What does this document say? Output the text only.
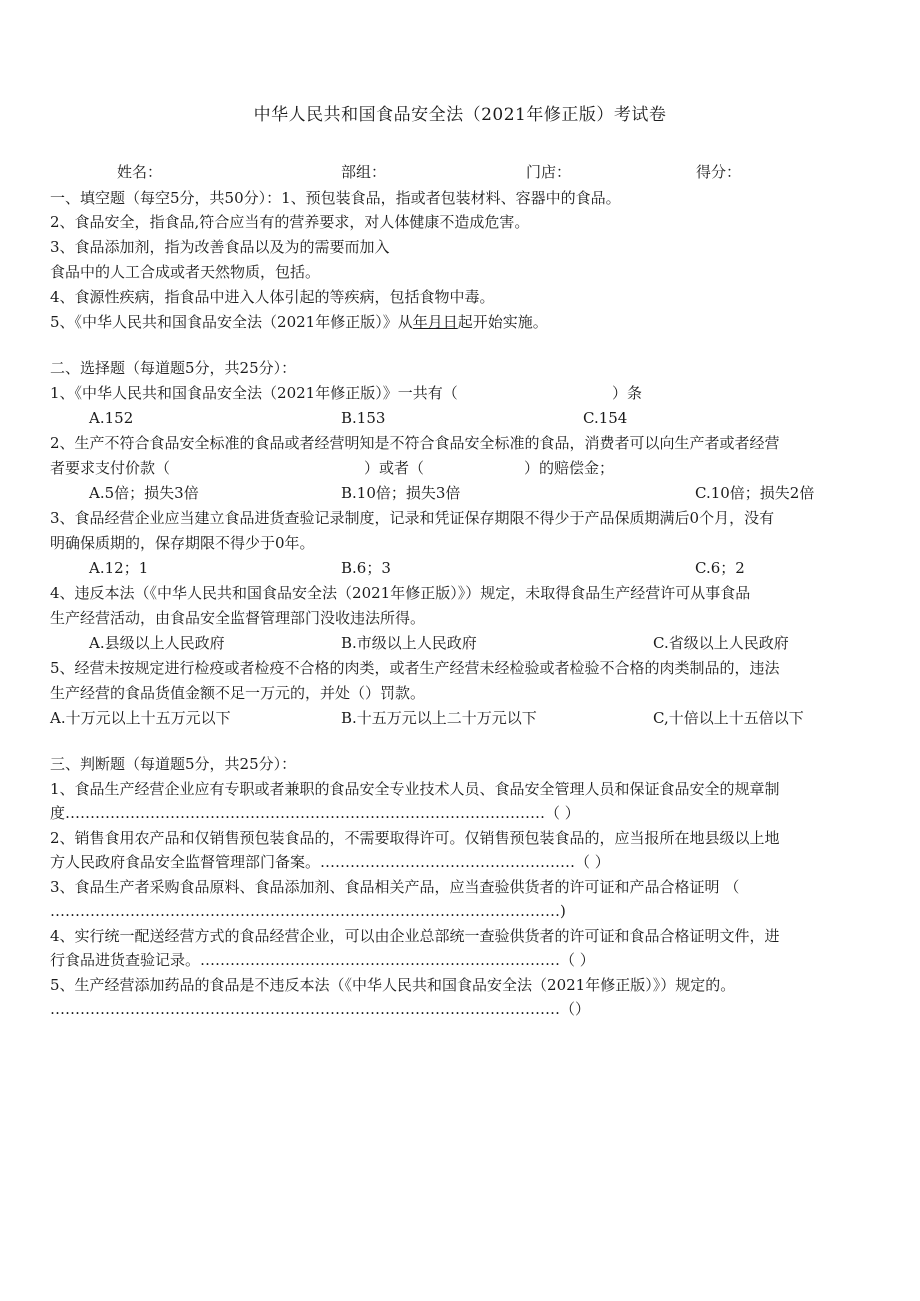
中华人民共和国食品安全法（2021年修正版）考试卷
姓名：	部组：	门店：	得分：
一、填空题（每空5分，共50分）：1、预包装食品，指或者包装材料、容器中的食品。
2、食品安全，指食品,符合应当有的营养要求，对人体健康不造成危害。
3、食品添加剂，指为改善食品以及为的需要而加入
食品中的人工合成或者天然物质，包括。
4、食源性疾病，指食品中进入人体引起的等疾病，包括食物中毒。
5、《中华人民共和国食品安全法（2021年修正版）》从年月日起开始实施。
二、选择题（每道题5分，共25分）：
1、《中华人民共和国食品安全法（2021年修正版）》一共有（	）条
A.152	B.153	C.154
2、生产不符合食品安全标准的食品或者经营明知是不符合食品安全标准的食品，消费者可以向生产者或者经营
者要求支付价款（	）或者（	）的赔偿金；
A.5倍；损失3倍	B.10倍；损失3倍	C.10倍；损失2倍
3、食品经营企业应当建立食品进货查验记录制度，记录和凭证保存期限不得少于产品保质期满后0个月，没有
明确保质期的，保存期限不得少于0年。
A.12；1	B.6；3	C.6；2
4、违反本法（《中华人民共和国食品安全法（2021年修正版）》）规定，未取得食品生产经营许可从事食品
生产经营活动，由食品安全监督管理部门没收违法所得。
A.县级以上人民政府	B.市级以上人民政府	C.省级以上人民政府
5、经营未按规定进行检疫或者检疫不合格的肉类，或者生产经营未经检验或者检验不合格的肉类制品的，违法
生产经营的食品货值金额不足一万元的，并处（）罚款。
A.十万元以上十五万元以下	B.十五万元以上二十万元以下	C,十倍以上十五倍以下
三、判断题（每道题5分，共25分）：
1、食品生产经营企业应有专职或者兼职的食品安全专业技术人员、食品安全管理人员和保证食品安全的规章制
度……………………………………………………………………………………（ ）
2、销售食用农产品和仅销售预包装食品的，不需要取得许可。仅销售预包装食品的，应当报所在地县级以上地
方人民政府食品安全监督管理部门备案。……………………………………………（ ）
3、食品生产者采购食品原料、食品添加剂、食品相关产品，应当查验供货者的许可证和产品合格证明 （
…………………………………………………………………………………………)
4、实行统一配送经营方式的食品经营企业，可以由企业总部统一查验供货者的许可证和食品合格证明文件，进
行食品进货查验记录。………………………………………………………………（ ）
5、生产经营添加药品的食品是不违反本法（《中华人民共和国食品安全法（2021年修正版）》）规定的。
…………………………………………………………………………………………（）
